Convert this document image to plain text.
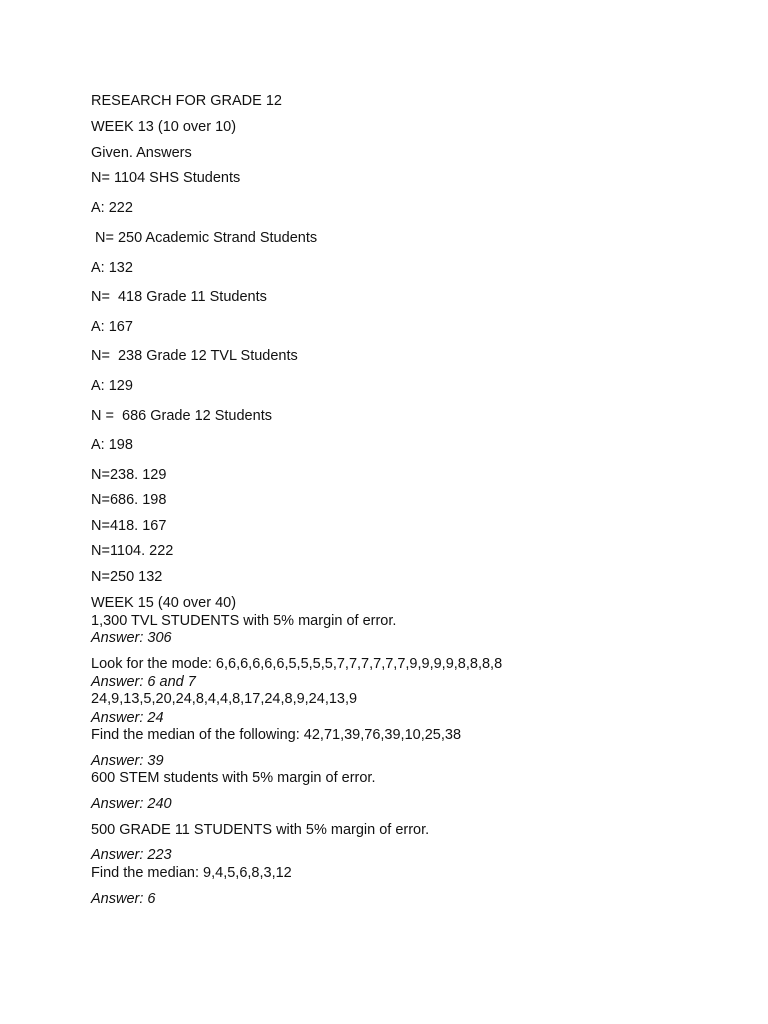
RESEARCH FOR GRADE 12
WEEK 13 (10 over 10)
Given. Answers
N= 1104 SHS Students
A: 222
N= 250 Academic Strand Students
A: 132
N=  418 Grade 11 Students
A: 167
N=  238 Grade 12 TVL Students
A: 129
N =  686 Grade 12 Students
A: 198
N=238. 129
N=686. 198
N=418. 167
N=1104. 222
N=250 132
WEEK 15 (40 over 40)
1,300 TVL STUDENTS with 5% margin of error.
Answer: 306
Look for the mode: 6,6,6,6,6,6,5,5,5,5,7,7,7,7,7,7,9,9,9,9,8,8,8,8
Answer: 6 and 7
24,9,13,5,20,24,8,4,4,8,17,24,8,9,24,13,9
Answer: 24
Find the median of the following: 42,71,39,76,39,10,25,38
Answer: 39
600 STEM students with 5% margin of error.
Answer: 240
500 GRADE 11 STUDENTS with 5% margin of error.
Answer: 223
Find the median: 9,4,5,6,8,3,12
Answer: 6
